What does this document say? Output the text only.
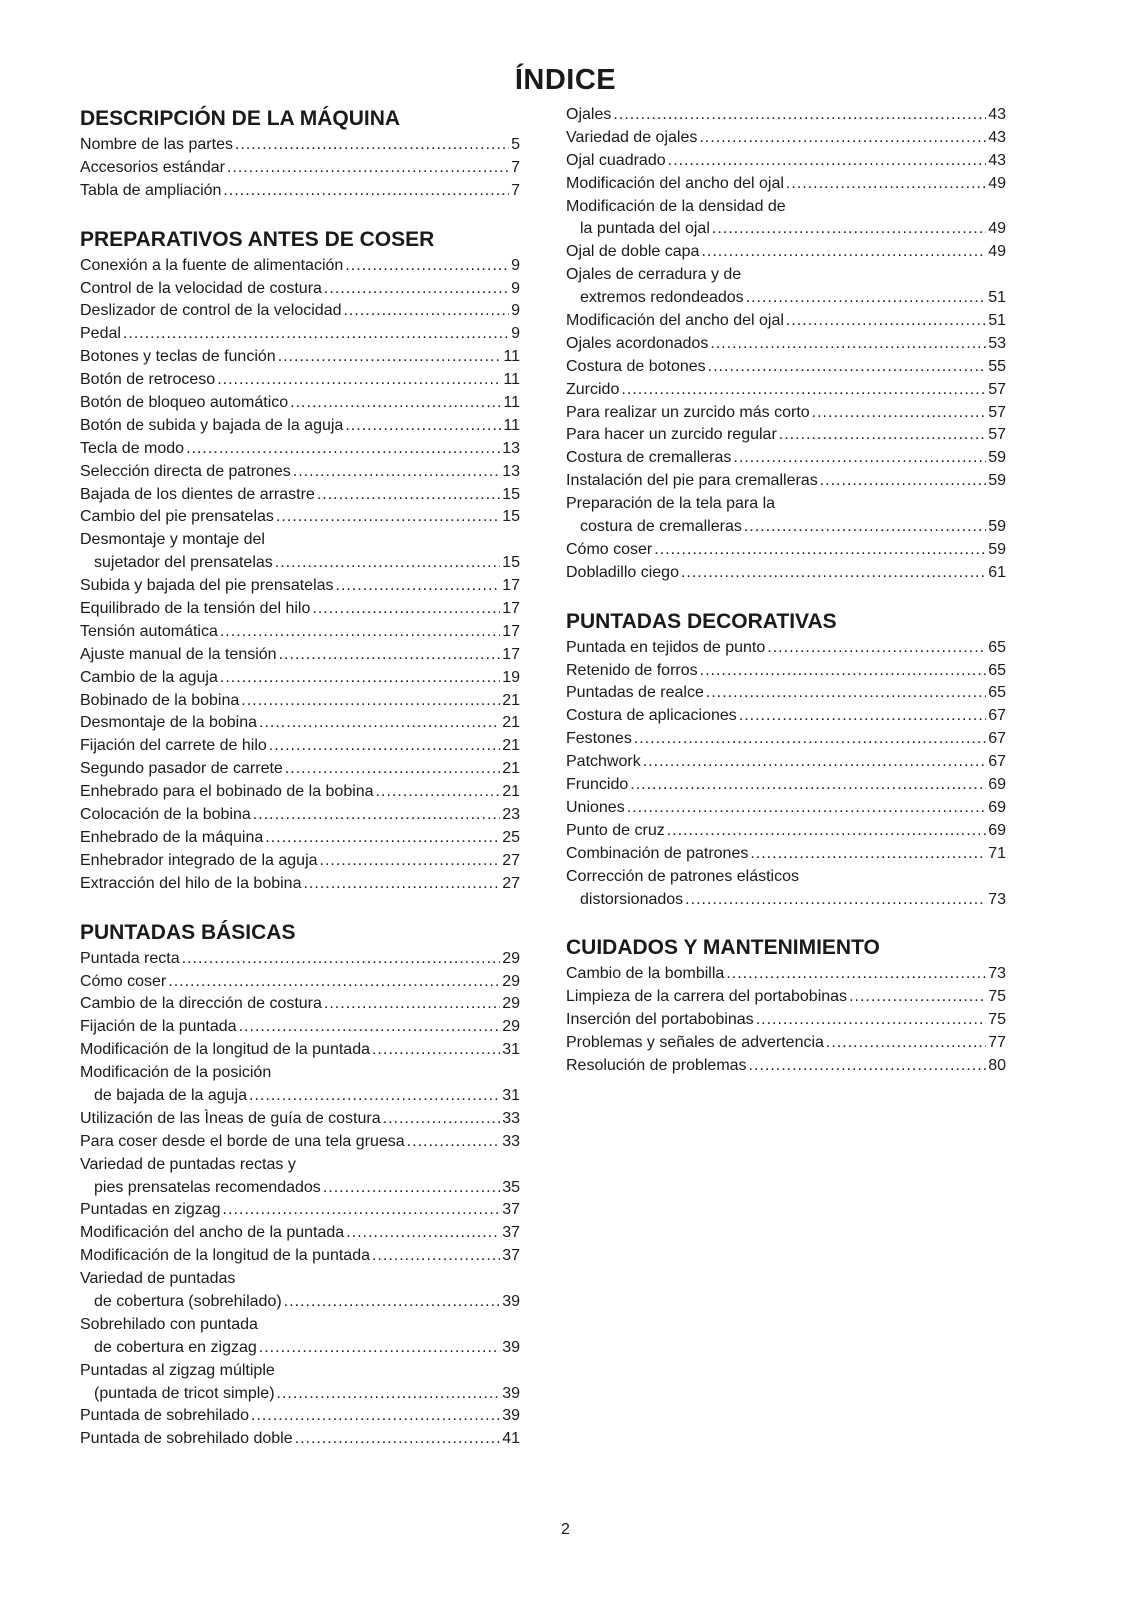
ÍNDICE
DESCRIPCIÓN DE LA MÁQUINA
Nombre de las partes .....	5
Accesorios estándar .....	7
Tabla de ampliación .....	7
PREPARATIVOS ANTES DE COSER
Conexión a la fuente de alimentación .....	9
Control de la velocidad de costura .....	9
Deslizador de control de la velocidad .....	9
Pedal .....	9
Botones y teclas de función .....	11
Botón de retroceso .....	11
Botón de bloqueo automático .....	11
Botón de subida y bajada de la aguja .....	11
Tecla de modo .....	13
Selección directa de patrones .....	13
Bajada de los dientes de arrastre .....	15
Cambio del pie prensatelas .....	15
Desmontaje y montaje del
sujetador del prensatelas .....	15
Subida y bajada del pie prensatelas .....	17
Equilibrado de la tensión del hilo .....	17
Tensión automática .....	17
Ajuste manual de la tensión .....	17
Cambio de la aguja .....	19
Bobinado de la bobina .....	21
Desmontaje de la bobina .....	21
Fijación del carrete de hilo .....	21
Segundo pasador de carrete .....	21
Enhebrado para el bobinado de la bobina .....	21
Colocación de la bobina .....	23
Enhebrado de la máquina .....	25
Enhebrador integrado de la aguja .....	27
Extracción del hilo de la bobina .....	27
PUNTADAS BÁSICAS
Puntada recta .....	29
Cómo coser .....	29
Cambio de la dirección de costura .....	29
Fijación de la puntada .....	29
Modificación de la longitud de la puntada .....	31
Modificación de la posición
de bajada de la aguja .....	31
Utilización de las Ìneas de guía de costura .....	33
Para coser desde el borde de una tela gruesa .....	33
Variedad de puntadas rectas y
pies prensatelas recomendados .....	35
Puntadas en zigzag .....	37
Modificación del ancho de la puntada .....	37
Modificación de la longitud de la puntada .....	37
Variedad de puntadas
de cobertura (sobrehilado) .....	39
Sobrehilado con puntada
de cobertura en zigzag .....	39
Puntadas al zigzag múltiple
(puntada de tricot simple) .....	39
Puntada de sobrehilado .....	39
Puntada de sobrehilado doble .....	41
Ojales .....	43
Variedad de ojales .....	43
Ojal cuadrado .....	43
Modificación del ancho del ojal .....	49
Modificación de la densidad de
la puntada del ojal .....	49
Ojal de doble capa .....	49
Ojales de cerradura y de
extremos redondeados .....	51
Modificación del ancho del ojal .....	51
Ojales acordonados .....	53
Costura de botones .....	55
Zurcido .....	57
Para realizar un zurcido más corto .....	57
Para hacer un zurcido regular .....	57
Costura de cremalleras .....	59
Instalación del pie para cremalleras .....	59
Preparación de la tela para la
costura de cremalleras .....	59
Cómo coser .....	59
Dobladillo ciego .....	61
PUNTADAS DECORATIVAS
Puntada en tejidos de punto .....	65
Retenido de forros .....	65
Puntadas de realce .....	65
Costura de aplicaciones .....	67
Festones .....	67
Patchwork .....	67
Fruncido .....	69
Uniones .....	69
Punto de cruz .....	69
Combinación de patrones .....	71
Corrección de patrones elásticos
distorsionados .....	73
CUIDADOS Y MANTENIMIENTO
Cambio de la bombilla .....	73
Limpieza de la carrera del portabobinas .....	75
Inserción del portabobinas .....	75
Problemas y señales de advertencia .....	77
Resolución de problemas .....	80
2
